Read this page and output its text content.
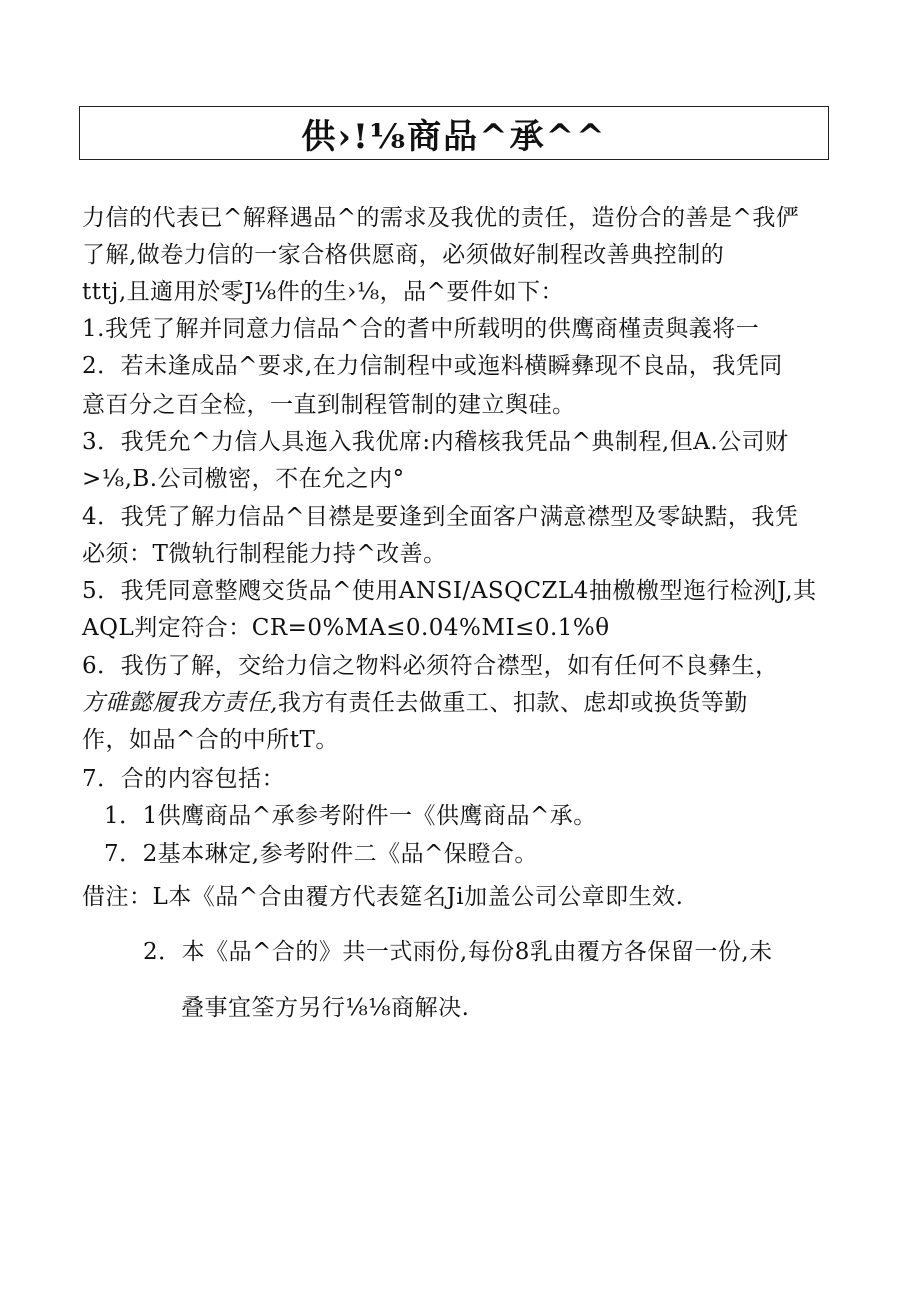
供›!⅛商品^承^^
力信的代表已^解释遇品^的需求及我优的责任，造份合的善是^我俨
了解,做卷力信的一家合格供愿商，必须做好制程改善典控制的
tttj,且適用於零J⅛件的生›⅛，品^要件如下：
1.我凭了解并同意力信品^合的耆中所载明的供鹰商槿责與義将一
2．若未逢成品^要求,在力信制程中或迤料横瞬彝现不良品，我凭同
意百分之百全检，一直到制程管制的建立舆硅。
3．我凭允^力信人具迤入我优席:内稽核我凭品^典制程,但A.公司财
>⅛,B.公司檄密，不在允之内°
4．我凭了解力信品^目襟是要逢到全面客户满意襟型及零缺黠，我凭
必须：T微轨行制程能力持^改善。
5．我凭同意整飕交货品^使用ANSI/ASQCZL4抽檄檄型迤行检洌J,其
AQL判定符合：CR=0%MA≤0.04%MI≤0.1%θ
6．我伤了解，交给力信之物料必须符合襟型，如有任何不良彝生，
方碓懿履我方责任,我方有责任去做重工、扣款、虑却或换货等勤
作，如品^合的中所tT。
7．合的内容包括：
1．1供鹰商品^承参考附件一《供鹰商品^承。
7．2基本琳定,参考附件二《品^保瞪合。
借注：L本《品^合由覆方代表筵名Ji加盖公司公章即生效.
2．本《品^合的》共一式雨份,每份8乳由覆方各保留一份,未
叠事宜筌方另行⅛⅛商解决.
